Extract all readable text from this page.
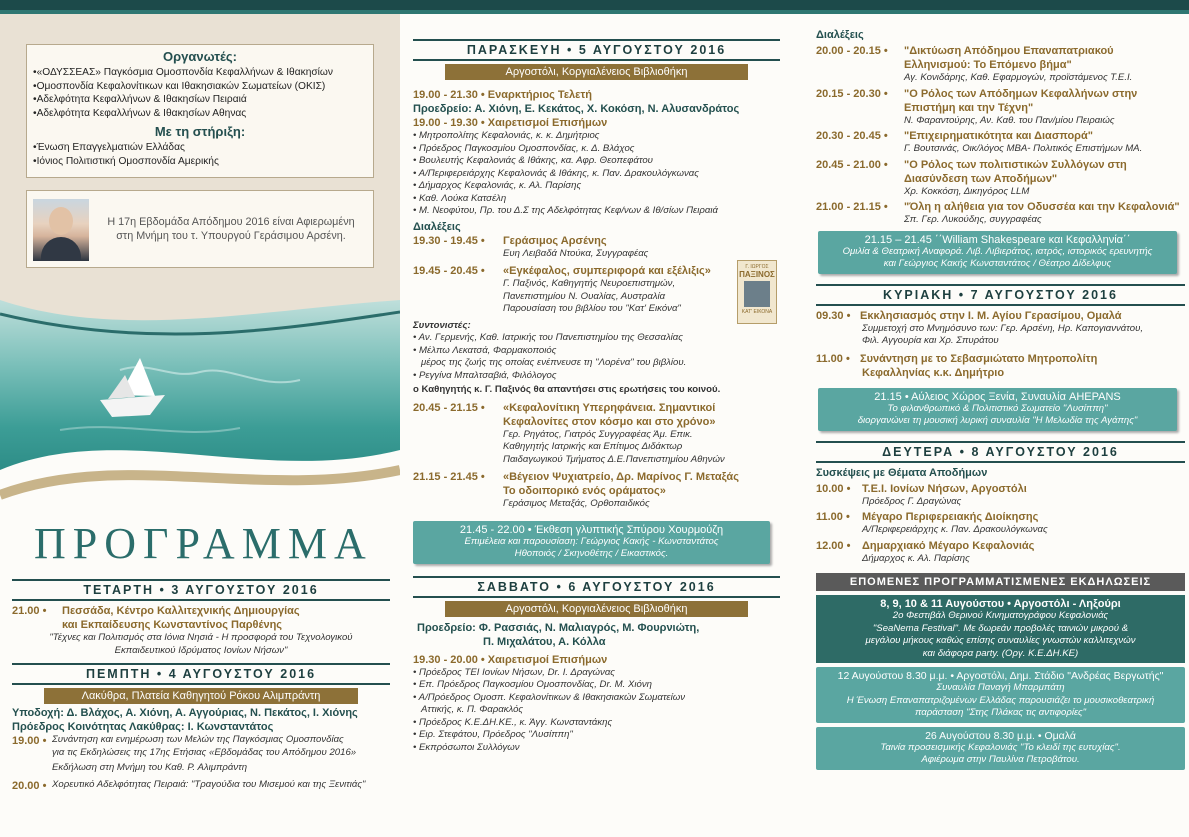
Οργανωτές:
•«ΟΔΥΣΣΕΑΣ» Παγκόσμια Ομοσπονδία Κεφαλλήνων & Ιθακησίων
•Ομοσπονδία Κεφαλονίτικων και Ιθακησιακών Σωματείων (ΟΚΙΣ)
•Αδελφότητα Κεφαλλήνων & Ιθακησίων Πειραιά
•Αδελφότητα Κεφαλλήνων & Ιθακησίων Αθηνας
Με τη στήριξη:
•Ένωση Επαγγελματιών Ελλάδας
•Ιόνιος Πολιτιστική Ομοσπονδία Αμερικής
Η 17η Εβδομάδα Απόδημου 2016 είναι Αφιερωμένη
στη Μνήμη του τ. Υπουργού Γεράσιμου Αρσένη.
ΠΡΟΓΡΑΜΜΑ
ΤΕΤΑΡΤΗ • 3 ΑΥΓΟΥΣΤΟΥ 2016
21.00 •	Πεσσάδα, Κέντρο Καλλιτεχνικής Δημιουργίας
και Εκπαίδευσης Κωνσταντίνος Παρθένης
"Τέχνες και Πολιτισμός στα Ιόνια Νησιά - Η προσφορά του Τεχνολογικού
Εκπαιδευτικού Ιδρύματος Ιονίων Νήσων"
ΠΕΜΠΤΗ • 4 ΑΥΓΟΥΣΤΟΥ 2016
Λακύθρα, Πλατεία Καθηγητού Ρόκου Αλιμπράντη
Υποδοχή: Δ. Βλάχος, Α. Χιόνη, Α. Αγγούριας, Ν. Πεκάτος, Ι. Χιόνης
Πρόεδρος Κοινότητας Λακύθρας: Ι. Κωνσταντάτος
19.00 • Συνάντηση και ενημέρωση των Μελών της Παγκόσμιας Ομοσπονδίας
για τις Εκδηλώσεις της 17ης Ετήσιας «Εβδομάδας του Απόδημου 2016»
Εκδήλωση στη Μνήμη του Καθ. Ρ. Αλιμπράντη
20.00 • Χορευτικό Αδελφότητας Πειραιά: "Τραγούδια του Μισεμού και της Ξενιτιάς"
ΠΑΡΑΣΚΕΥΗ • 5 ΑΥΓΟΥΣΤΟΥ 2016
Αργοστόλι, Κοργιαλένειος Βιβλιοθήκη
19.00 - 21.30 • Εναρκτήριος Τελετή
Προεδρείο: Α. Χιόνη, Ε. Κεκάτος, Χ. Κοκόση, Ν. Αλυσανδράτος
19.00 - 19.30 • Χαιρετισμοί Επισήμων
• Μητροπολίτης Κεφαλονιάς, κ. κ. Δημήτριος
• Πρόεδρος Παγκοσμίου Ομοσπονδίας, κ. Δ. Βλάχος
• Βουλευτής Κεφαλονιάς & Ιθάκης, κα. Αφρ. Θεοπεφάτου
• Α/Περιφερειάρχης Κεφαλονιάς & Ιθάκης, κ. Παν. Δρακουλόγκωνας
• Δήμαρχος Κεφαλονιάς, κ. Αλ. Παρίσης
• Καθ. Λούκα Κατσέλη
• Μ. Νεοφύτου, Πρ. του Δ.Σ της Αδελφότητας Κεφ/νων & Ιθ/σίων Πειραιά
Διαλέξεις
19.30 - 19.45 •	Γεράσιμος Αρσένης
Ευη Λειβαδά Ντούκα, Συγγραφέας
19.45 - 20.45 •	«Εγκέφαλος, συμπεριφορά και εξέλιξις»
Γ. Παξινός, Καθηγητής Νευροεπιστημών,
Πανεπιστημίου Ν. Ουαλίας, Αυστραλία
Παρουσίαση του βιβλίου του "Κατ' Εικόνα"
Γ. ΙΩΡΓΟΣ
ΠΑΞΙΝΟΣ
ΚΑΤ' ΕΙΚΟΝΑ
Συντονιστές:
• Αν. Γερμενής, Καθ. Ιατρικής του Πανεπιστημίου της Θεσσαλίας
• Μέλπω Λεκατσά, Φαρμακοποιός
μέρος της ζωής της οποίας ενέπνευσε τη "Λορένα" του βιβλίου.
• Ρεγγίνα Μπαλτσαβιά, Φιλόλογος
ο Καθηγητής κ. Γ. Παξινός θα απαντήσει στις ερωτήσεις του κοινού.
20.45 - 21.15 •	«Κεφαλονίτικη Υπερηφάνεια. Σημαντικοί
Κεφαλονίτες στον κόσμο και στο χρόνο»
Γερ. Ρηγάτος, Γιατρός Συγγραφέας Άμ. Επικ.
Καθηγητής Ιατρικής και Επίτιμος Διδάκτωρ
Παιδαγωγικού Τμήματος Δ.Ε.Πανεπιστημίου Αθηνών
21.15 - 21.45 •	«Βέγειον Ψυχιατρείο, Δρ. Μαρίνος Γ. Μεταξάς
Το οδοιπορικό ενός οράματος»
Γεράσιμος Μεταξάς, Ορθοπαιδικός
21.45 - 22.00 • Έκθεση γλυπτικής Σπύρου Χουρμούζη
Επιμέλεια και παρουσίαση: Γεώργιος Κακής - Κωνσταντάτος
Ηθοποιός / Σκηνοθέτης / Εικαστικός.
ΣΑΒΒΑΤΟ • 6 ΑΥΓΟΥΣΤΟΥ 2016
Αργοστόλι, Κοργιαλένειος Βιβλιοθήκη
Προεδρείο: Φ. Ρασσιάς, Ν. Μαλιαγρός, Μ. Φουρνιώτη,
Π. Μιχαλάτου, Α. Κόλλα
19.30 - 20.00 • Χαιρετισμοί Επισήμων
• Πρόεδρος ΤΕΙ Ιονίων Νήσων, Dr. Ι. Δραγώνας
• Επ. Πρόεδρος Παγκοσμίου Ομοσπονδίας, Dr. Μ. Χιόνη
• Α/Πρόεδρος Ομοσπ. Κεφαλονίτικων & Ιθακησιακών Σωματείων
Αττικής, κ. Π. Φαρακλός
• Πρόεδρος Κ.Ε.ΔΗ.ΚΕ., κ. Άγγ. Κωνσταντάκης
• Ειρ. Στεφάτου, Πρόεδρος "Λυσίππη"
• Εκπρόσωποι Συλλόγων
Διαλέξεις
20.00 - 20.15 •	"Δικτύωση Απόδημου Επαναπατριακού
Ελληνισμού: Το Επόμενο βήμα"
Αγ. Κονιδάρης, Καθ. Εφαρμογών, προϊστάμενος Τ.Ε.Ι.
20.15 - 20.30 •	"Ο Ρόλος των Απόδημων Κεφαλλήνων στην
Επιστήμη και την Τέχνη"
Ν. Φαραντούρης, Αν. Καθ. του Παν/μίου Πειραιώς
20.30 - 20.45 •	"Επιχειρηματικότητα και Διασπορά"
Γ. Βουτσινάς, Οικ/λόγος ΜΒΑ- Πολιτικός Επιστήμων ΜΑ.
20.45 - 21.00 •	"Ο Ρόλος των πολιτιστικών Συλλόγων στη
Διασύνδεση των Αποδήμων"
Χρ. Κοκκόση, Δικηγόρος LLM
21.00 - 21.15 •	"Όλη η αλήθεια για τον Οδυσσέα και την Κεφαλονιά"
Σπ. Γερ. Λυκούδης, συγγραφέας
21.15 – 21.45 ΄΄William Shakespeare και Κεφαλληνία΄΄
Ομιλία & Θεατρική Αναφορά. Λιβ. Λιβιεράτος, ιατρός, ιστορικός ερευνητής
και Γεώργιος Κακής Κωνσταντάτος / Θέατρο Δίδελφυς
ΚΥΡΙΑΚΗ • 7 ΑΥΓΟΥΣΤΟΥ 2016
09.30 • Εκκλησιασμός στην Ι. Μ. Αγίου Γερασίμου, Ομαλά
Συμμετοχή στο Μνημόσυνο των: Γερ. Αρσένη, Ηρ. Καπογιαννάτου,
Φιλ. Αγγουρία και Χρ. Σπυράτου
11.00 • Συνάντηση με το Σεβασμιώτατο Μητροπολίτη
Κεφαλληνίας κ.κ. Δημήτριο
21.15 • Αύλειος Χώρος Ξενία, Συναυλία AHEPANS
Το φιλανθρωπικό & Πολιτιστικό Σωματείο "Λυσίππη"
διοργανώνει τη μουσική λυρική συναυλία "Η Μελωδία της Αγάπης"
ΔΕΥΤΕΡΑ • 8 ΑΥΓΟΥΣΤΟΥ 2016
Συσκέψεις με Θέματα Αποδήμων
10.00 •	Τ.Ε.Ι. Ιονίων Νήσων, Αργοστόλι
Πρόεδρος Γ. Δραγώνας
11.00 •	Μέγαρο Περιφερειακής Διοίκησης
Α/Περιφερειάρχης κ. Παν. Δρακουλόγκωνας
12.00 •	Δημαρχιακό Μέγαρο Κεφαλονιάς
Δήμαρχος κ. Αλ. Παρίσης
ΕΠΟΜΕΝΕΣ ΠΡΟΓΡΑΜΜΑΤΙΣΜΕΝΕΣ ΕΚΔΗΛΩΣΕΙΣ
8, 9, 10 & 11 Αυγούστου • Αργοστόλι - Ληξούρι
2ο Φεστιβάλ Θερινού Κινηματογράφου Κεφαλονιάς
"SeaNema Festival". Με δωρεάν προβολές ταινιών μικρού &
μεγάλου μήκους καθώς επίσης συναυλίες γνωστών καλλιτεχνών
και διάφορα party. (Οργ. Κ.Ε.ΔΗ.ΚΕ)
12 Αυγούστου 8.30 μ.μ. • Αργοστόλι, Δημ. Στάδιο "Ανδρέας Βεργωτής"
Συναυλία Παναγή Μπαρμπάτη
Η Ένωση Επαναπατριζομένων Ελλάδας παρουσιάζει το μουσικοθεατρική
παράσταση "Στης Πλάκας τις αντιφορίες"
26 Αυγούστου 8.30 μ.μ. • Ομαλά
Ταινία προσεισμικής Κεφαλονιάς "Το κλειδί της ευτυχίας".
Αφιέρωμα στην Παυλίνα Πετροβάτου.
